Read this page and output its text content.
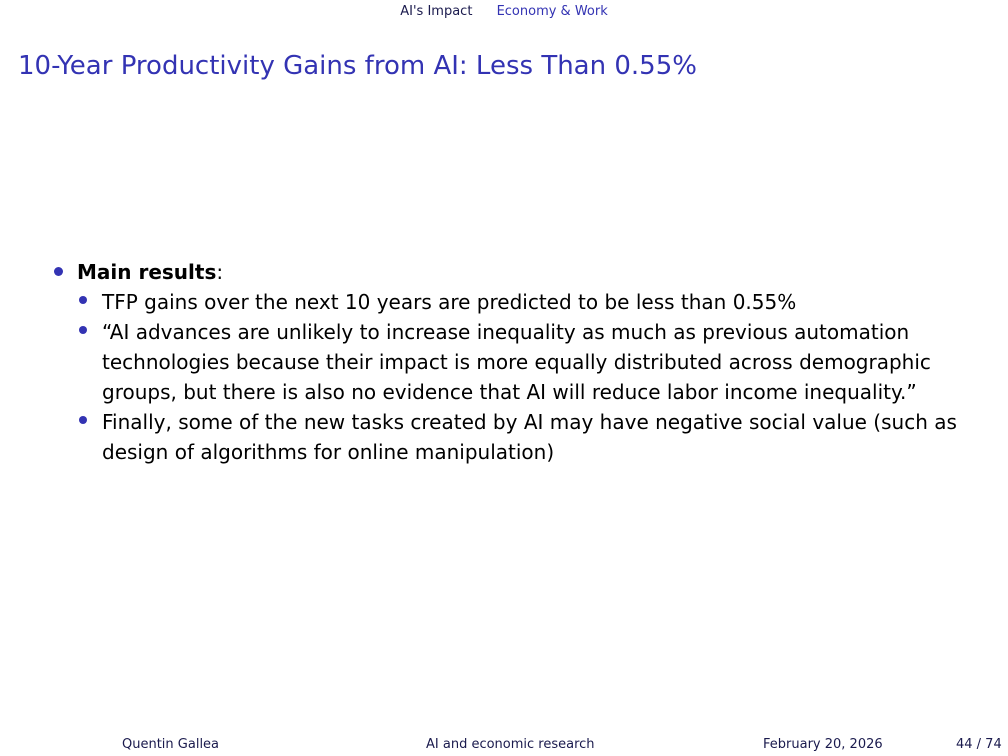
AI's Impact Economy & Work
10-Year Productivity Gains from AI: Less Than 0.55%
Main results:
TFP gains over the next 10 years are predicted to be less than 0.55%
“AI advances are unlikely to increase inequality as much as previous automation technologies because their impact is more equally distributed across demographic groups, but there is also no evidence that AI will reduce labor income inequality.”
Finally, some of the new tasks created by AI may have negative social value (such as design of algorithms for online manipulation)
Quentin Gallea	AI and economic research	February 20, 2026	44 / 74
